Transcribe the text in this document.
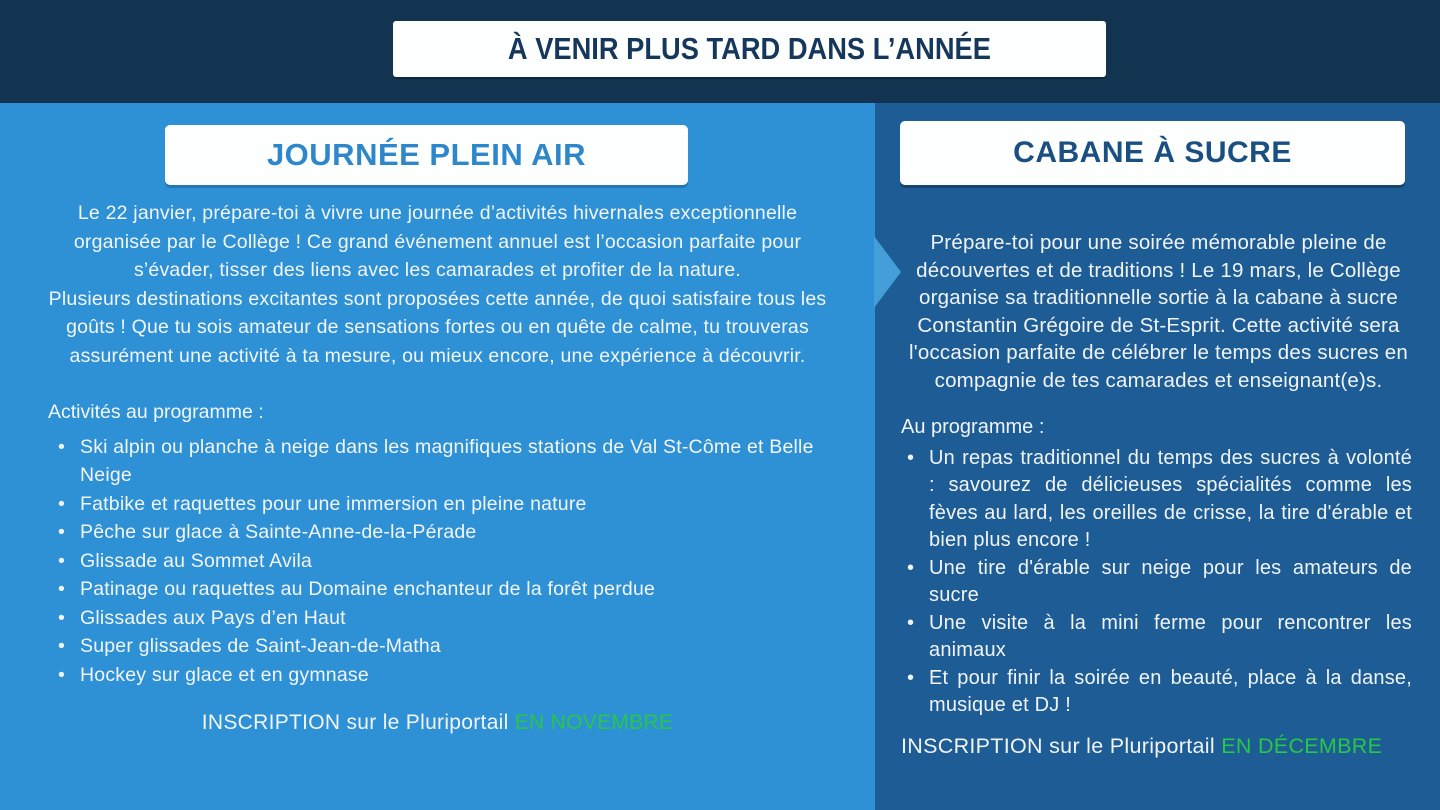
À VENIR PLUS TARD DANS L’ANNÉE
JOURNÉE PLEIN AIR

Le 22 janvier, prépare-toi à vivre une journée d’activités hivernales exceptionnelle organisée par le Collège ! Ce grand événement annuel est l’occasion parfaite pour s’évader, tisser des liens avec les camarades et profiter de la nature.

Plusieurs destinations excitantes sont proposées cette année, de quoi satisfaire tous les goûts ! Que tu sois amateur de sensations fortes ou en quête de calme, tu trouveras assurément une activité à ta mesure, ou mieux encore, une expérience à découvrir.

Activités au programme :

• Ski alpin ou planche à neige dans les magnifiques stations de Val St-Côme et Belle Neige
• Fatbike et raquettes pour une immersion en pleine nature
• Pêche sur glace à Sainte-Anne-de-la-Pérade
• Glissade au Sommet Avila
• Patinage ou raquettes au Domaine enchanteur de la forêt perdue
• Glissades aux Pays d’en Haut
• Super glissades de Saint-Jean-de-Matha
• Hockey sur glace et en gymnase

INSCRIPTION sur le Pluriportail EN NOVEMBRE

CABANE À SUCRE

Prépare-toi pour une soirée mémorable pleine de découvertes et de traditions ! Le 19 mars, le Collège organise sa traditionnelle sortie à la cabane à sucre Constantin Grégoire de St-Esprit. Cette activité sera l'occasion parfaite de célébrer le temps des sucres en compagnie de tes camarades et enseignant(e)s.

Au programme :

• Un repas traditionnel du temps des sucres à volonté : savourez de délicieuses spécialités comme les fèves au lard, les oreilles de crisse, la tire d'érable et bien plus encore !
• Une tire d'érable sur neige pour les amateurs de sucre
• Une visite à la mini ferme pour rencontrer les animaux
• Et pour finir la soirée en beauté, place à la danse, musique et DJ !

INSCRIPTION sur le Pluriportail EN DÉCEMBRE
